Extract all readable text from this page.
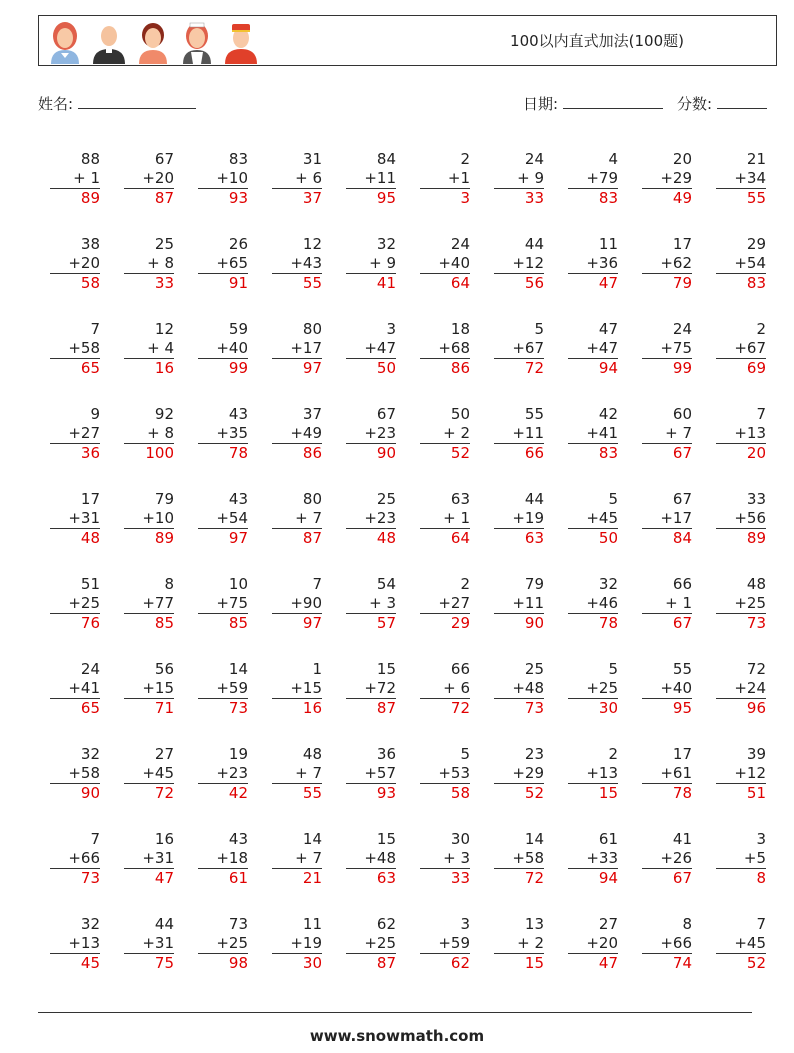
100以内直式加法(100题)
姓名:	日期:	分数:
88
+ 1
89
67
+20
87
83
+10
93
31
+ 6
37
84
+11
95
2
+1
3
24
+ 9
33
4
+79
83
20
+29
49
21
+34
55
38
+20
58
25
+ 8
33
26
+65
91
12
+43
55
32
+ 9
41
24
+40
64
44
+12
56
11
+36
47
17
+62
79
29
+54
83
7
+58
65
12
+ 4
16
59
+40
99
80
+17
97
3
+47
50
18
+68
86
5
+67
72
47
+47
94
24
+75
99
2
+67
69
9
+27
36
92
+ 8
100
43
+35
78
37
+49
86
67
+23
90
50
+ 2
52
55
+11
66
42
+41
83
60
+ 7
67
7
+13
20
17
+31
48
79
+10
89
43
+54
97
80
+ 7
87
25
+23
48
63
+ 1
64
44
+19
63
5
+45
50
67
+17
84
33
+56
89
51
+25
76
8
+77
85
10
+75
85
7
+90
97
54
+ 3
57
2
+27
29
79
+11
90
32
+46
78
66
+ 1
67
48
+25
73
24
+41
65
56
+15
71
14
+59
73
1
+15
16
15
+72
87
66
+ 6
72
25
+48
73
5
+25
30
55
+40
95
72
+24
96
32
+58
90
27
+45
72
19
+23
42
48
+ 7
55
36
+57
93
5
+53
58
23
+29
52
2
+13
15
17
+61
78
39
+12
51
7
+66
73
16
+31
47
43
+18
61
14
+ 7
21
15
+48
63
30
+ 3
33
14
+58
72
61
+33
94
41
+26
67
3
+5
8
32
+13
45
44
+31
75
73
+25
98
11
+19
30
62
+25
87
3
+59
62
13
+ 2
15
27
+20
47
8
+66
74
7
+45
52
www.snowmath.com
